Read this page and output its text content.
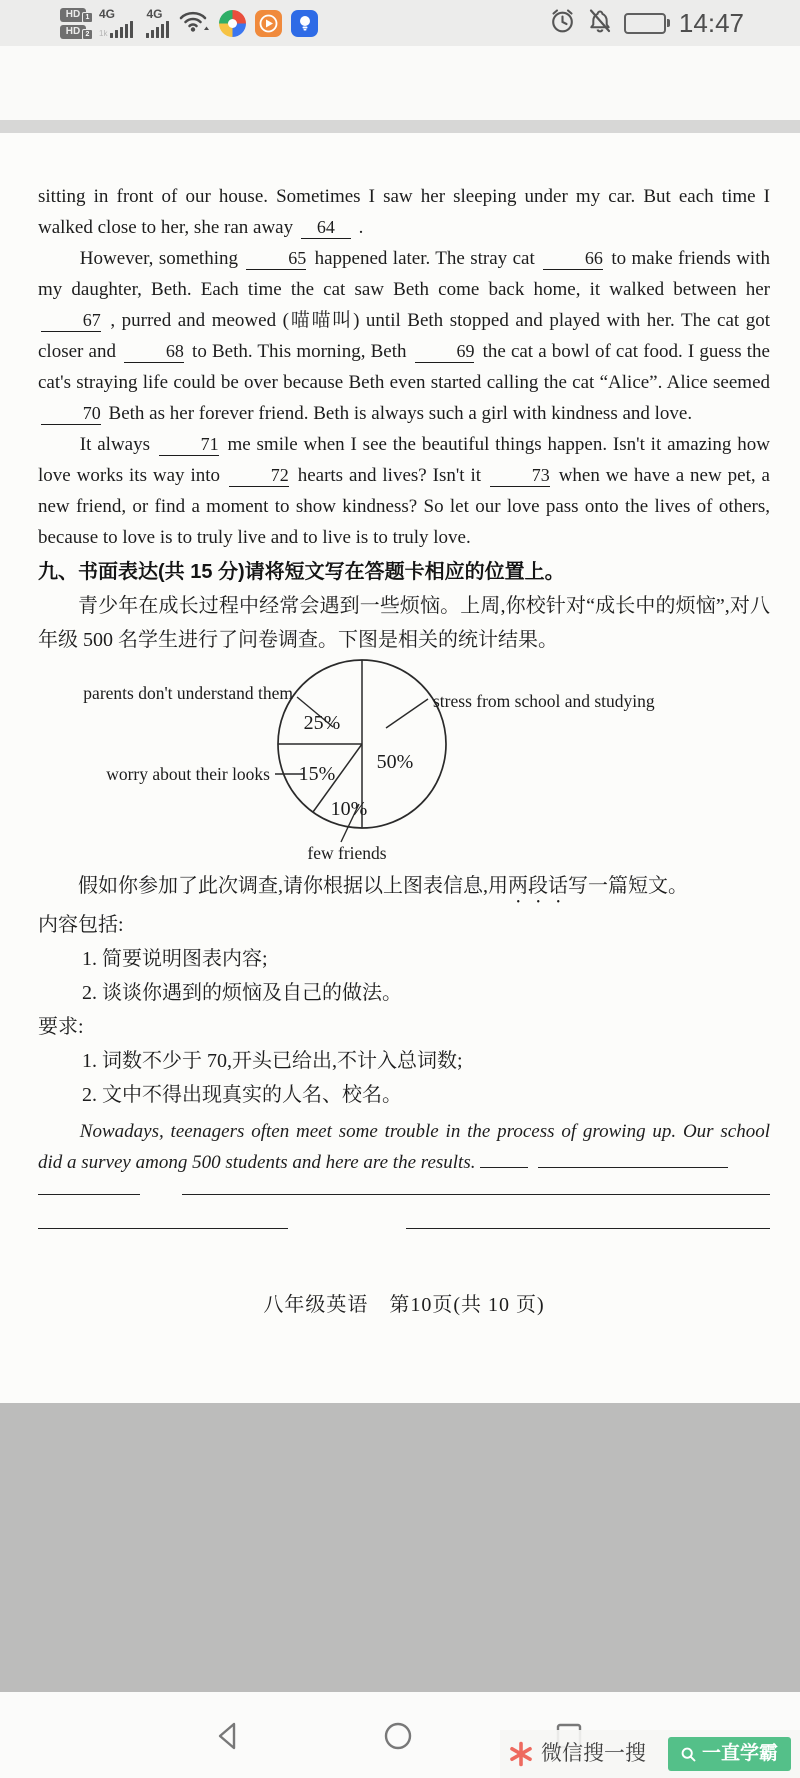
HD 1
HD 2
4G
1k
4G	14:47

sitting in front of our house. Sometimes I saw her sleeping under my car. But each time I walked close to her, she ran away 64 .

However, something 65 happened later. The stray cat 66 to make friends with my daughter, Beth. Each time the cat saw Beth come back home, it walked between her 67 , purred and meowed (喵喵叫) until Beth stopped and played with her. The cat got closer and 68 to Beth. This morning, Beth 69 the cat a bowl of cat food. I guess the cat's straying life could be over because Beth even started calling the cat “Alice”. Alice seemed 70 Beth as her forever friend. Beth is always such a girl with kindness and love.

It always 71 me smile when I see the beautiful things happen. Isn't it amazing how love works its way into 72 hearts and lives? Isn't it 73 when we have a new pet, a new friend, or find a moment to show kindness? So let our love pass onto the lives of others, because to love is to truly live and to live is to truly love.

九、书面表达(共 15 分)请将短文写在答题卡相应的位置上。

青少年在成长过程中经常会遇到一些烦恼。上周,你校针对“成长中的烦恼”,对八年级 500 名学生进行了问卷调查。下图是相关的统计结果。

parents don't understand them	stress from school and studying
worry about their looks
few friends
25%
50%
15%
10%

假如你参加了此次调查,请你根据以上图表信息,用两段话写一篇短文。

内容包括:

1. 简要说明图表内容;

2. 谈谈你遇到的烦恼及自己的做法。

要求:

1. 词数不少于 70,开头已给出,不计入总词数;

2. 文中不得出现真实的人名、校名。

Nowadays, teenagers often meet some trouble in the process of growing up. Our school did a survey among 500 students and here are the results.

八年级英语　第10页(共 10 页)
微信搜一搜	一直学霸
